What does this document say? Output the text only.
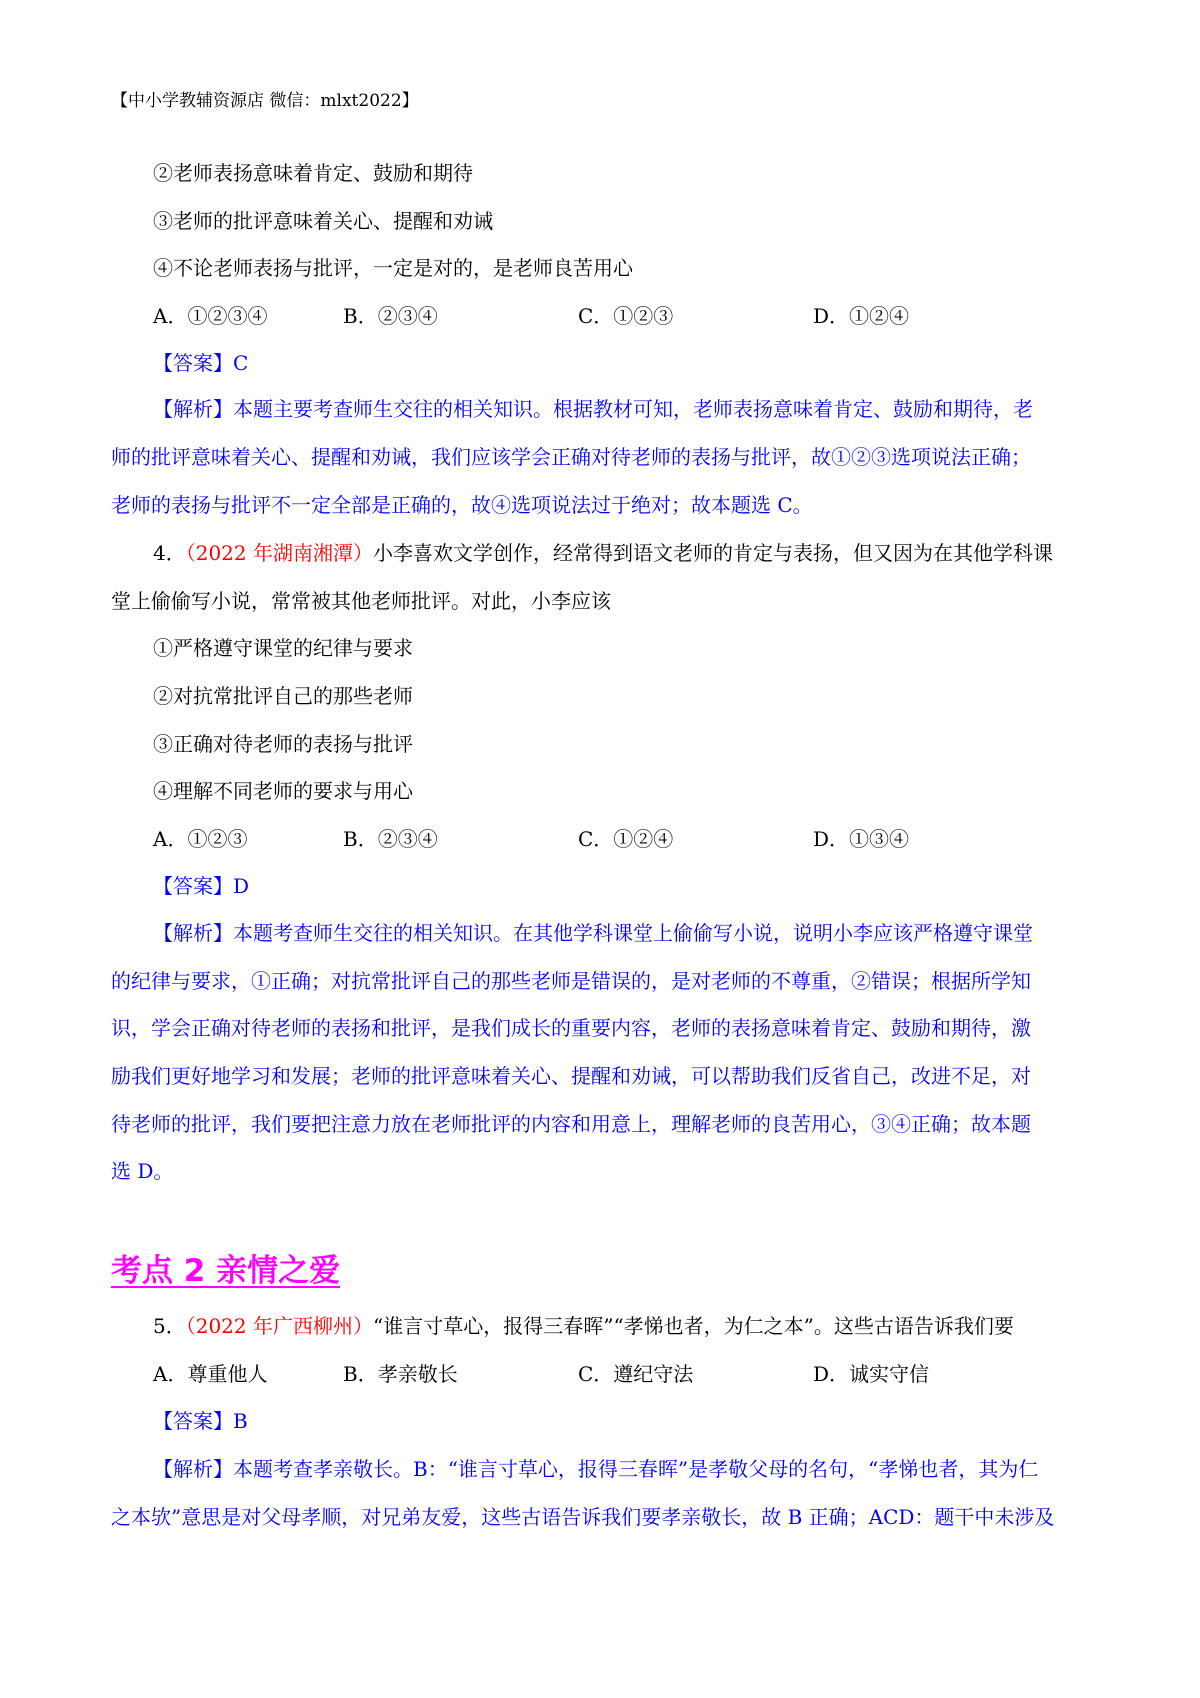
【中小学教辅资源店 微信：mlxt2022】
②老师表扬意味着肯定、鼓励和期待
③老师的批评意味着关心、提醒和劝诫
④不论老师表扬与批评，一定是对的，是老师良苦用心
A．①②③④	B．②③④	C．①②③	D．①②④
【答案】C
【解析】本题主要考查师生交往的相关知识。根据教材可知，老师表扬意味着肯定、鼓励和期待，老
师的批评意味着关心、提醒和劝诫，我们应该学会正确对待老师的表扬与批评，故①②③选项说法正确；
老师的表扬与批评不一定全部是正确的，故④选项说法过于绝对；故本题选 C。
4．（2022 年湖南湘潭）小李喜欢文学创作，经常得到语文老师的肯定与表扬，但又因为在其他学科课
堂上偷偷写小说，常常被其他老师批评。对此，小李应该
①严格遵守课堂的纪律与要求
②对抗常批评自己的那些老师
③正确对待老师的表扬与批评
④理解不同老师的要求与用心
A．①②③	B．②③④	C．①②④	D．①③④
【答案】D
【解析】本题考查师生交往的相关知识。在其他学科课堂上偷偷写小说，说明小李应该严格遵守课堂
的纪律与要求，①正确；对抗常批评自己的那些老师是错误的，是对老师的不尊重，②错误；根据所学知
识，学会正确对待老师的表扬和批评，是我们成长的重要内容，老师的表扬意味着肯定、鼓励和期待，激
励我们更好地学习和发展；老师的批评意味着关心、提醒和劝诫，可以帮助我们反省自己，改进不足，对
待老师的批评，我们要把注意力放在老师批评的内容和用意上，理解老师的良苦用心，③④正确；故本题
选 D。
考点 2 亲情之爱
5．（2022 年广西柳州）“谁言寸草心，报得三春晖”“孝悌也者，为仁之本”。这些古语告诉我们要
A．尊重他人	B．孝亲敬长	C．遵纪守法	D．诚实守信
【答案】B
【解析】本题考查孝亲敬长。B：“谁言寸草心，报得三春晖”是孝敬父母的名句，“孝悌也者，其为仁
之本欤”意思是对父母孝顺，对兄弟友爱，这些古语告诉我们要孝亲敬长，故 B 正确；ACD：题干中未涉及
